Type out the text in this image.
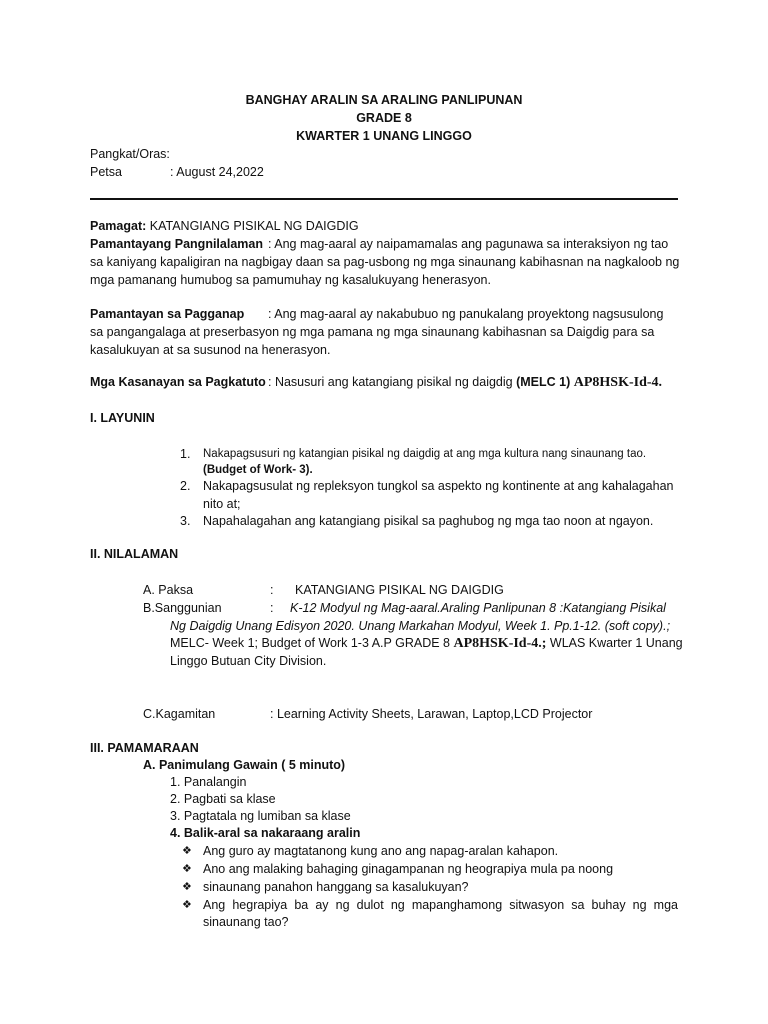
BANGHAY ARALIN SA ARALING PANLIPUNAN
GRADE 8
KWARTER 1 UNANG LINGGO
Pangkat/Oras:
Petsa	: August 24,2022
Pamagat: KATANGIANG PISIKAL NG DAIGDIG
Pamantayang Pangnilalaman : Ang mag-aaral ay naipamamalas ang pagunawa sa interaksiyon ng tao
sa kaniyang kapaligiran na nagbigay daan sa pag-usbong ng mga sinaunang kabihasnan na nagkaloob ng
mga pamanang humubog sa pamumuhay ng kasalukuyang henerasyon.
Pamantayan sa Pagganap : Ang mag-aaral ay nakabubuo ng panukalang proyektong nagsusulong
sa pangangalaga at preserbasyon ng mga pamana ng mga sinaunang kabihasnan sa Daigdig para sa
kasalukuyan at sa susunod na henerasyon.
Mga Kasanayan sa Pagkatuto : Nasusuri ang katangiang pisikal ng daigdig (MELC 1) AP8HSK-Id-4.
I. LAYUNIN
1.	Nakapagsusuri ng katangian pisikal ng daigdig at ang mga kultura nang sinaunang tao.
(Budget of Work- 3).
2.	Nakapagsusulat ng repleksyon tungkol sa aspekto ng kontinente at ang kahalagahan
nito at;
3.	Napahalagahan ang katangiang pisikal sa paghubog ng mga tao noon at ngayon.
II. NILALAMAN
A. Paksa	: KATANGIANG PISIKAL NG DAIGDIG
B.Sanggunian	: K-12 Modyul ng Mag-aaral.Araling Panlipunan 8 :Katangiang Pisikal
Ng Daigdig Unang Edisyon 2020. Unang Markahan Modyul, Week 1. Pp.1-12. (soft copy).;
MELC- Week 1; Budget of Work 1-3 A.P GRADE 8 AP8HSK-Id-4.; WLAS Kwarter 1 Unang
Linggo Butuan City Division.
C.Kagamitan	: Learning Activity Sheets, Larawan, Laptop,LCD Projector
III. PAMAMARAAN
A. Panimulang Gawain ( 5 minuto)
1. Panalangin
2. Pagbati sa klase
3. Pagtatala ng lumiban sa klase
4. Balik-aral sa nakaraang aralin
❖ Ang guro ay magtatanong kung ano ang napag-aralan kahapon.
❖ Ano ang malaking bahaging ginagampanan ng heograpiya mula pa noong
❖ sinaunang panahon hanggang sa kasalukuyan?
❖ Ang hegrapiya ba ay ng dulot ng mapanghamong sitwasyon sa buhay ng mga
sinaunang tao?
